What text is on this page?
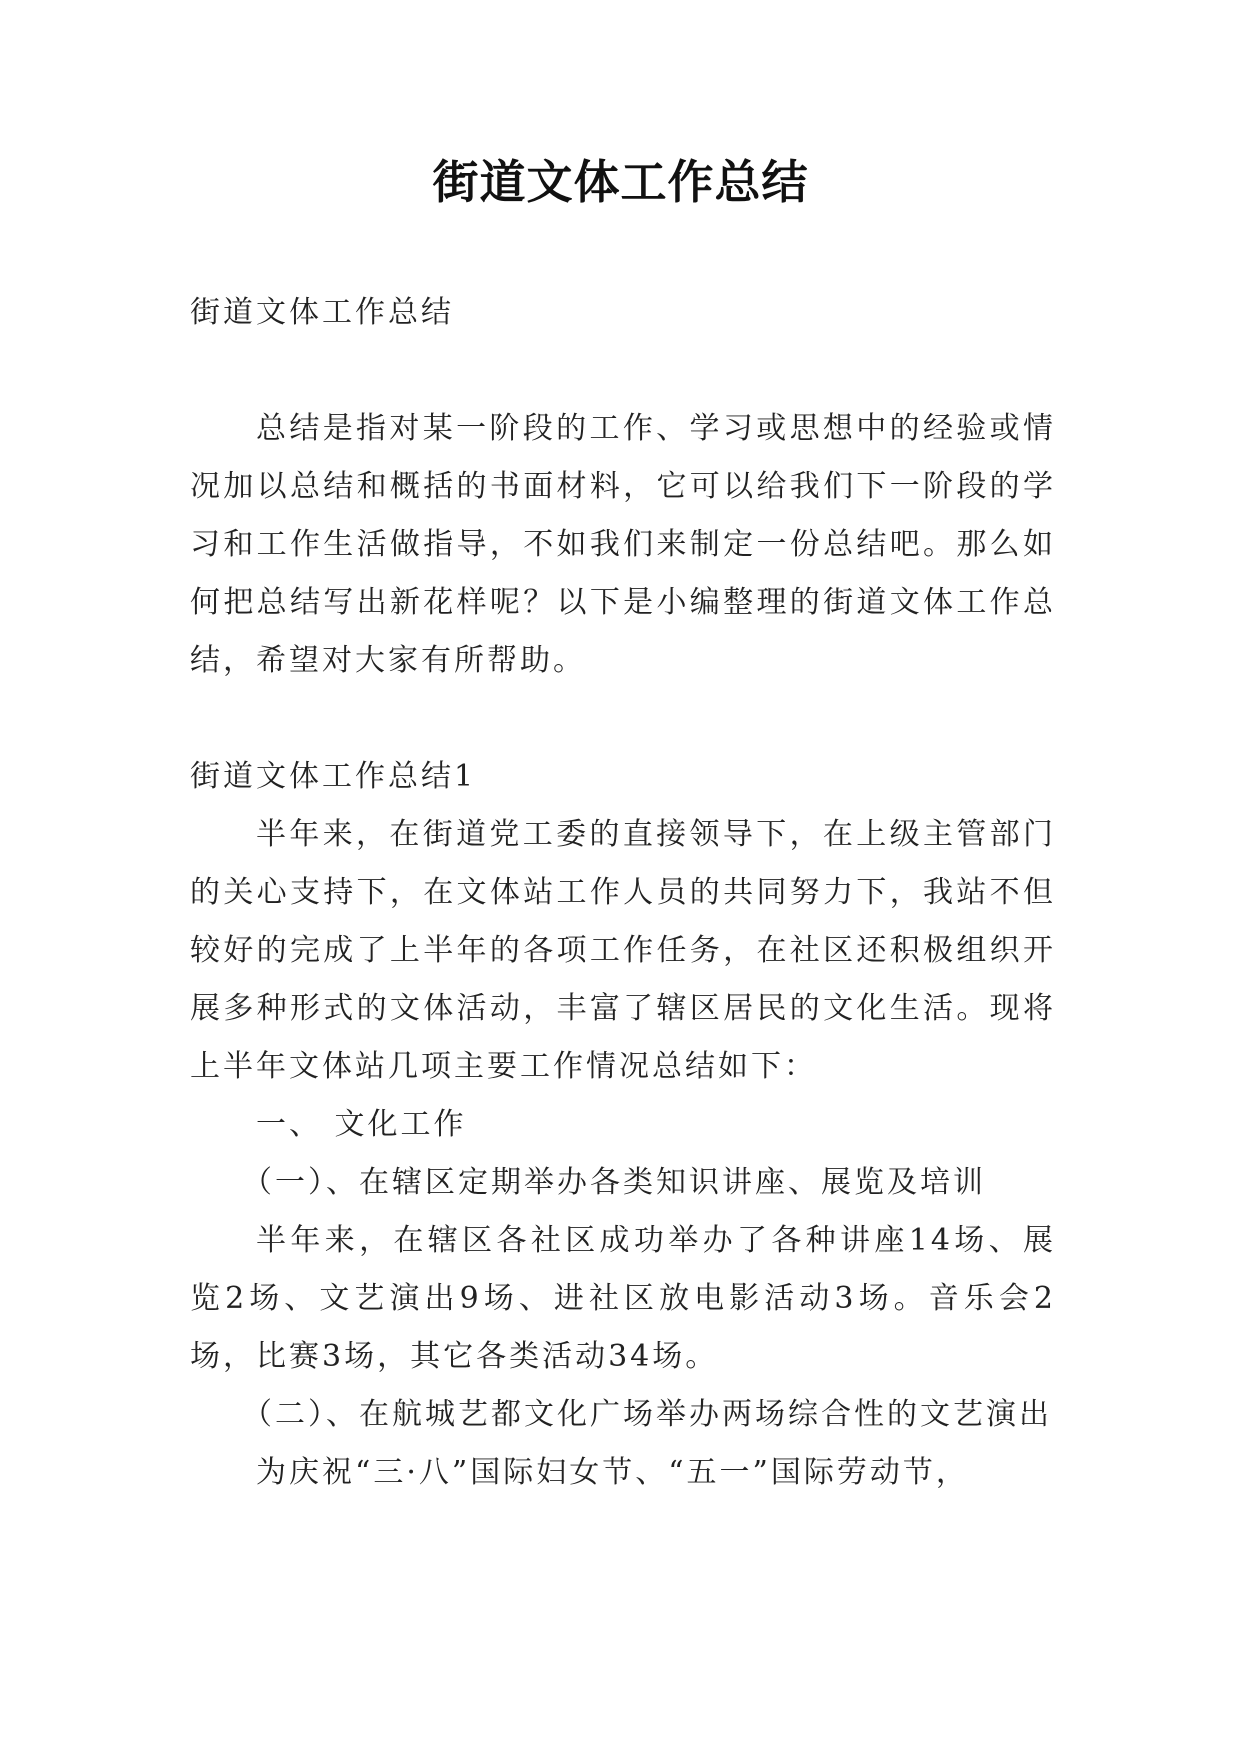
街道文体工作总结

街道文体工作总结

总结是指对某一阶段的工作、学习或思想中的经验或情况加以总结和概括的书面材料，它可以给我们下一阶段的学习和工作生活做指导，不如我们来制定一份总结吧。那么如何把总结写出新花样呢？以下是小编整理的街道文体工作总结，希望对大家有所帮助。

街道文体工作总结1

半年来，在街道党工委的直接领导下，在上级主管部门的关心支持下，在文体站工作人员的共同努力下，我站不但较好的完成了上半年的各项工作任务，在社区还积极组织开展多种形式的文体活动，丰富了辖区居民的文化生活。现将上半年文体站几项主要工作情况总结如下：

一、 文化工作

（一）、在辖区定期举办各类知识讲座、展览及培训

半年来，在辖区各社区成功举办了各种讲座14场、展览2场、文艺演出9场、进社区放电影活动3场。音乐会2场，比赛3场，其它各类活动34场。

（二）、在航城艺都文化广场举办两场综合性的文艺演出

为庆祝“三·八”国际妇女节、“五一”国际劳动节，
